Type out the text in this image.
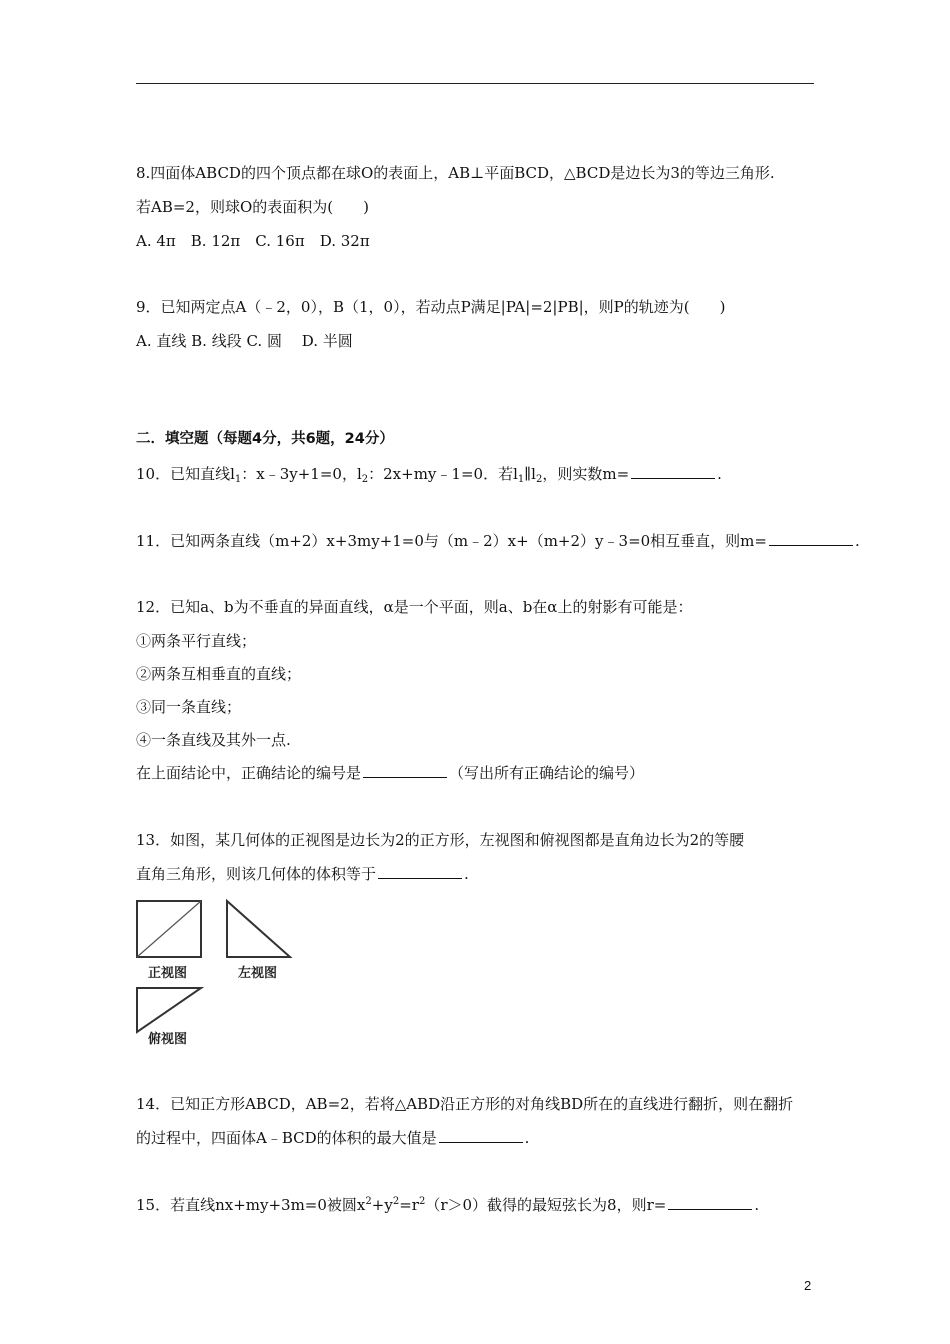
8.四面体ABCD的四个顶点都在球O的表面上，AB⊥平面BCD，△BCD是边长为3的等边三角形.
若AB=2，则球O的表面积为(　　)
A. 4π　B. 12π　C. 16π　D. 32π
9．已知两定点A（﹣2，0），B（1，0），若动点P满足|PA|=2|PB|，则P的轨迹为(　　)
A. 直线 B. 线段 C. 圆　 D. 半圆
二．填空题（每题4分，共6题，24分）
10．已知直线$l_1$：x﹣3y+1=0，$l_2$：2x+my﹣1=0．若$l_1\parallel l_2$，则实数m=	.
11．已知两条直线（m+2）x+3my+1=0与（m﹣2）x+（m+2）y﹣3=0相互垂直，则m=	.
12．已知a、b为不垂直的异面直线，α是一个平面，则a、b在α上的射影有可能是：
①两条平行直线；
②两条互相垂直的直线；
③同一条直线；
④一条直线及其外一点.
在上面结论中，正确结论的编号是	（写出所有正确结论的编号）
13．如图，某几何体的正视图是边长为2的正方形，左视图和俯视图都是直角边长为2的等腰
直角三角形，则该几何体的体积等于	.
正视图	左视图
俯视图
14．已知正方形ABCD，AB=2，若将△ABD沿正方形的对角线BD所在的直线进行翻折，则在翻折
的过程中，四面体A﹣BCD的体积的最大值是	.
15．若直线nx+my+3m=0被圆$x^2+y^2=r^2(r>0)$截得的最短弦长为8，则r=	.
2
